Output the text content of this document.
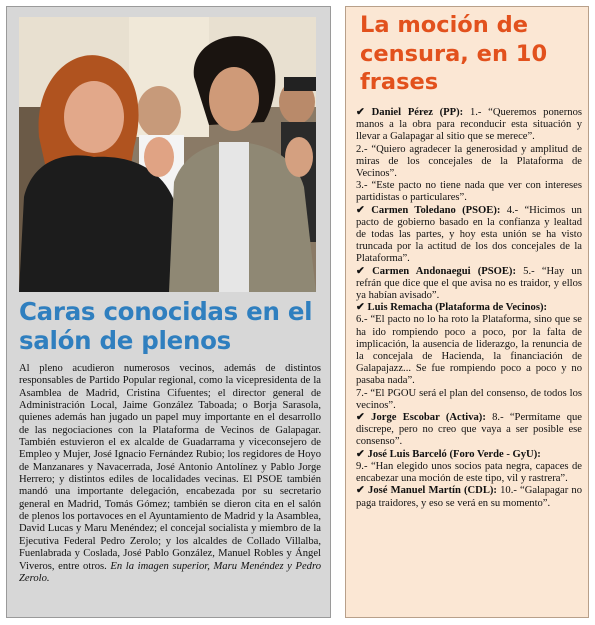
Caras conocidas en el salón de plenos

Al pleno acudieron numerosos vecinos, además de distintos responsables de Partido Popular regional, como la vicepresidenta de la Asamblea de Madrid, Cristina Cifuentes; el director general de Administración Local, Jaime González Taboada; o Borja Sarasola, quienes además han jugado un papel muy importante en el desarrollo de las negociaciones con la Plataforma de Vecinos de Galapagar. También estuvieron el ex alcalde de Guadarrama y viceconsejero de Empleo y Mujer, José Ignacio Fernández Rubio; los regidores de Hoyo de Manzanares y Navacerrada, José Antonio Antolínez y Pablo Jorge Herrero; y distintos ediles de localidades vecinas. El PSOE también mandó una importante delegación, encabezada por su secretario general en Madrid, Tomás Gómez; también se dieron cita en el salón de plenos los portavoces en el Ayuntamiento de Madrid y la Asamblea, David Lucas y Maru Menéndez; el concejal socialista y miembro de la Ejecutiva Federal Pedro Zerolo; y los alcaldes de Collado Villalba, Fuenlabrada y Coslada, José Pablo González, Manuel Robles y Ángel Viveros, entre otros. En la imagen superior, Maru Menéndez y Pedro Zerolo.

La moción de censura, en 10 frases

✔ Daniel Pérez (PP): 1.- “Queremos ponernos manos a la obra para reconducir esta situación y llevar a Galapagar al sitio que se merece”.

2.- “Quiero agradecer la generosidad y amplitud de miras de los concejales de la Plataforma de Vecinos”.

3.- “Este pacto no tiene nada que ver con intereses partidistas o particulares”.

✔ Carmen Toledano (PSOE): 4.- “Hicimos un pacto de gobierno basado en la confianza y lealtad de todas las partes, y hoy esta unión se ha visto truncada por la actitud de los dos concejales de la Plataforma”.

✔ Carmen Andonaegui (PSOE): 5.- “Hay un refrán que dice que el que avisa no es traidor, y ellos ya habían avisado”.

✔ Luis Remacha (Plataforma de Vecinos):

6.- “El pacto no lo ha roto la Plataforma, sino que se ha ido rompiendo poco a poco, por la falta de implicación, la ausencia de liderazgo, la renuncia de la concejala de Hacienda, la financiación de Galapajazz... Se fue rompiendo poco a poco y no pasaba nada”.

7.- “El PGOU será el plan del consenso, de todos los vecinos”.

✔ Jorge Escobar (Activa): 8.- “Permítame que discrepe, pero no creo que vaya a ser posible ese consenso”.

✔ José Luis Barceló (Foro Verde - GyU):

9.- “Han elegido unos socios pata negra, capaces de encabezar una moción de este tipo, vil y rastrera”.

✔ José Manuel Martín (CDL): 10.- “Galapagar no paga traidores, y eso se verá en su momento”.
